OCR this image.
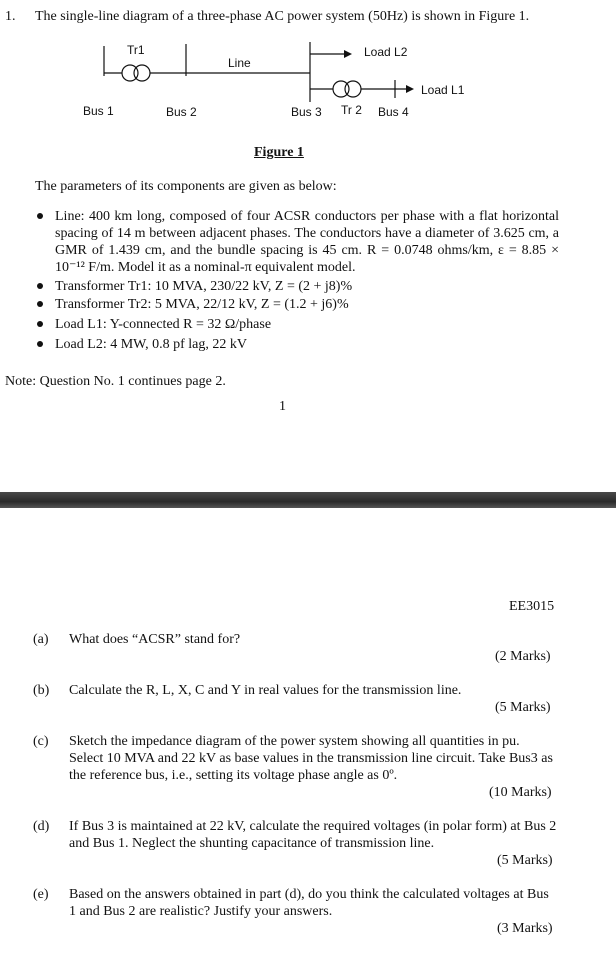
1. The single-line diagram of a three-phase AC power system (50Hz) is shown in Figure 1.
Tr1
Line
Load L2
Load L1
Bus 1	Bus 2	Bus 3 Tr 2 Bus 4
Figure 1
The parameters of its components are given as below:
Line: 400 km long, composed of four ACSR conductors per phase with a flat horizontal spacing of 14 m between adjacent phases. The conductors have a diameter of 3.625 cm, a GMR of 1.439 cm, and the bundle spacing is 45 cm. R = 0.0748 ohms/km, ε = 8.85 × 10⁻¹² F/m. Model it as a nominal-π equivalent model.
Transformer Tr1: 10 MVA, 230/22 kV, Z = (2 + j8)%
Transformer Tr2: 5 MVA, 22/12 kV, Z = (1.2 + j6)%
Load L1: Y-connected R = 32 Ω/phase
Load L2: 4 MW, 0.8 pf lag, 22 kV
Note: Question No. 1 continues page 2.
1
EE3015
(a) What does “ACSR” stand for?
(2 Marks)
(b) Calculate the R, L, X, C and Y in real values for the transmission line.
(5 Marks)
(c) Sketch the impedance diagram of the power system showing all quantities in pu. Select 10 MVA and 22 kV as base values in the transmission line circuit. Take Bus3 as the reference bus, i.e., setting its voltage phase angle as 0º.
(10 Marks)
(d) If Bus 3 is maintained at 22 kV, calculate the required voltages (in polar form) at Bus 2 and Bus 1. Neglect the shunting capacitance of transmission line.
(5 Marks)
(e) Based on the answers obtained in part (d), do you think the calculated voltages at Bus 1 and Bus 2 are realistic? Justify your answers.
(3 Marks)
